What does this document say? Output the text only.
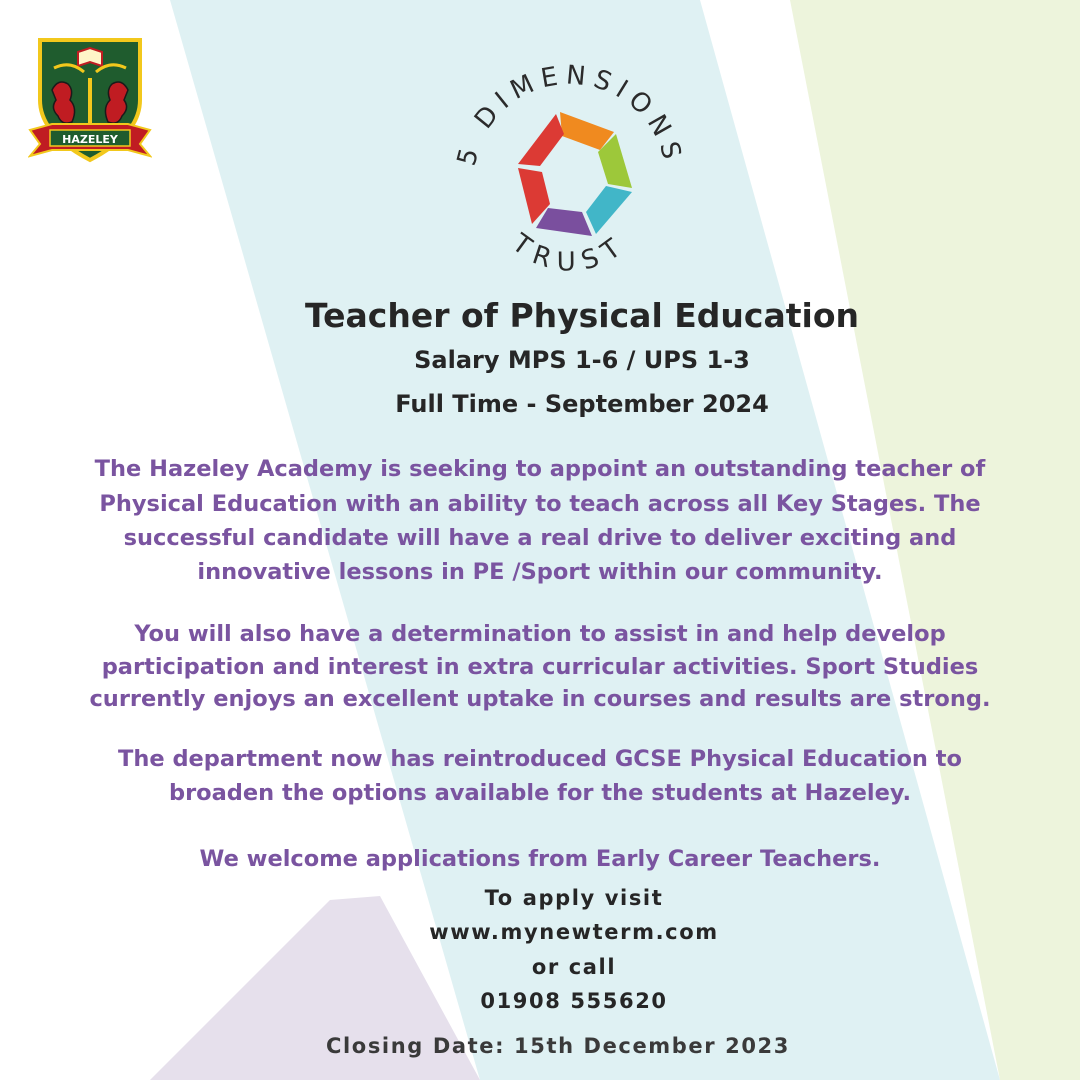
HAZELEY	5 DIMENSIONS
TRUST

Teacher of Physical Education

Salary MPS 1-6 / UPS 1-3

Full Time - September 2024

The Hazeley Academy is seeking to appoint an outstanding teacher of

Physical Education with an ability to teach across all Key Stages. The

successful candidate will have a real drive to deliver exciting and

innovative lessons in PE /Sport within our community.

You will also have a determination to assist in and help develop

participation and interest in extra curricular activities. Sport Studies

currently enjoys an excellent uptake in courses and results are strong.

The department now has reintroduced GCSE Physical Education to

broaden the options available for the students at Hazeley.

We welcome applications from Early Career Teachers.

To apply visit

www.mynewterm.com

or call

01908 555620

Closing Date: 15th December 2023
